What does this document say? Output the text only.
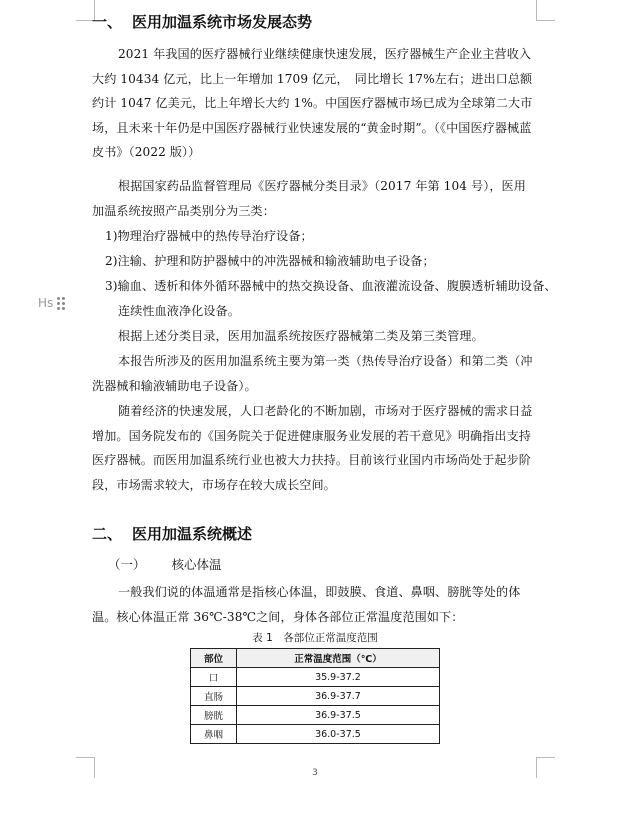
Hs
一、 医用加温系统市场发展态势

2021 年我国的医疗器械行业继续健康快速发展，医疗器械生产企业主营收入大约 10434 亿元，比上一年增加 1709 亿元，　同比增长 17%左右；进出口总额约计 1047 亿美元，比上年增长大约 1%。中国医疗器械市场已成为全球第二大市场，且未来十年仍是中国医疗器械行业快速发展的“黄金时期”。（《中国医疗器械蓝皮书》（2022 版））

根据国家药品监督管理局《医疗器械分类目录》（2017 年第 104 号），医用加温系统按照产品类别分为三类：

1)物理治疗器械中的热传导治疗设备；

2)注输、护理和防护器械中的冲洗器械和输液辅助电子设备；

3)输血、透析和体外循环器械中的热交换设备、血液灌流设备、腹膜透析辅助设备、连续性血液净化设备。

根据上述分类目录，医用加温系统按医疗器械第二类及第三类管理。

本报告所涉及的医用加温系统主要为第一类（热传导治疗设备）和第二类（冲洗器械和输液辅助电子设备）。

随着经济的快速发展，人口老龄化的不断加剧，市场对于医疗器械的需求日益增加。国务院发布的《国务院关于促进健康服务业发展的若干意见》明确指出支持医疗器械。而医用加温系统行业也被大力扶持。目前该行业国内市场尚处于起步阶段，市场需求较大，市场存在较大成长空间。

二、 医用加温系统概述
（一） 核心体温

一般我们说的体温通常是指核心体温，即鼓膜、食道、鼻咽、膀胱等处的体温。核心体温正常 36℃-38℃之间，身体各部位正常温度范围如下：

表 1　各部位正常温度范围
部位	正常温度范围（℃）
口	35.9-37.2
直肠	36.9-37.7
膀胱	36.9-37.5
鼻咽	36.0-37.5
3
